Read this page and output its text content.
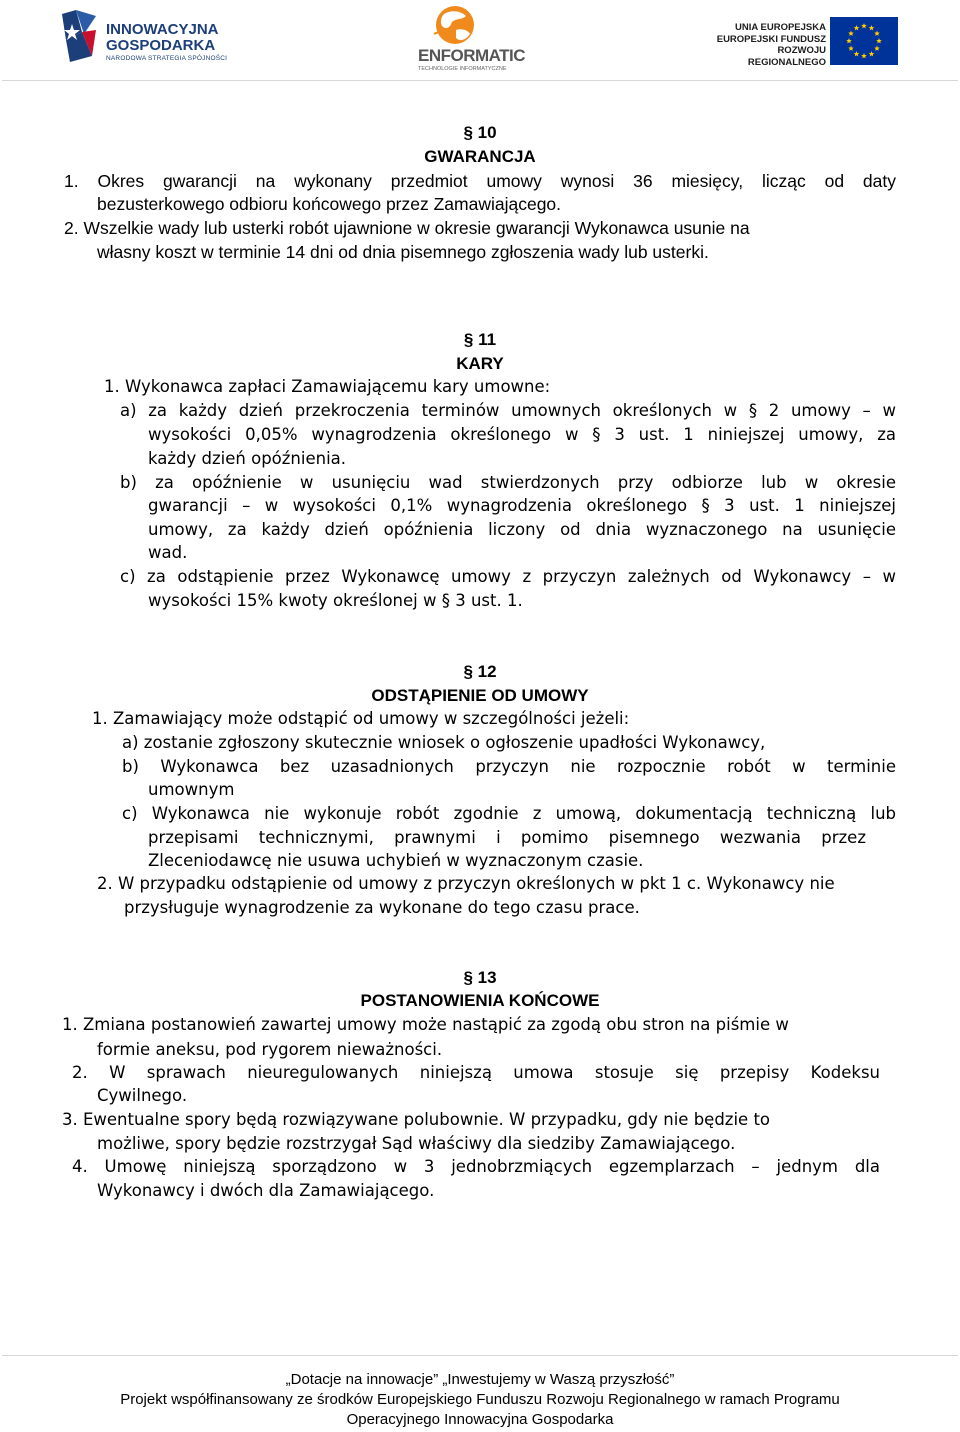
INNOWACYJNA
GOSPODARKA
NARODOWA STRATEGIA SPÓJNOŚCI	ENFORMATIC
TECHNOLOGIE INFORMATYCZNE
UNIA EUROPEJSKA
EUROPEJSKI FUNDUSZ
ROZWOJU REGIONALNEGO
§ 10
GWARANCJA
1. Okres gwarancji na wykonany przedmiot umowy wynosi 36 miesięcy, licząc od daty
bezusterkowego odbioru końcowego przez Zamawiającego.
2. Wszelkie wady lub usterki robót ujawnione w okresie gwarancji Wykonawca usunie na
własny koszt w terminie 14 dni od dnia pisemnego zgłoszenia wady lub usterki.
§ 11
KARY
1. Wykonawca zapłaci Zamawiającemu kary umowne:
a) za każdy dzień przekroczenia terminów umownych określonych w § 2 umowy – w
wysokości 0,05% wynagrodzenia określonego w § 3 ust. 1 niniejszej umowy, za
każdy dzień opóźnienia.
b) za opóźnienie w usunięciu wad stwierdzonych przy odbiorze lub w okresie
gwarancji – w wysokości 0,1% wynagrodzenia określonego § 3 ust. 1 niniejszej
umowy, za każdy dzień opóźnienia liczony od dnia wyznaczonego na usunięcie
wad.
c) za odstąpienie przez Wykonawcę umowy z przyczyn zależnych od Wykonawcy – w
wysokości 15% kwoty określonej w § 3 ust. 1.
§ 12
ODSTĄPIENIE OD UMOWY
1. Zamawiający może odstąpić od umowy w szczególności jeżeli:
a) zostanie zgłoszony skutecznie wniosek o ogłoszenie upadłości Wykonawcy,
b) Wykonawca bez uzasadnionych przyczyn nie rozpocznie robót w terminie
umownym
c) Wykonawca nie wykonuje robót zgodnie z umową, dokumentacją techniczną lub
przepisami technicznymi, prawnymi i pomimo pisemnego wezwania przez
Zleceniodawcę nie usuwa uchybień w wyznaczonym czasie.
2. W przypadku odstąpienie od umowy z przyczyn określonych w pkt 1 c. Wykonawcy nie
przysługuje wynagrodzenie za wykonane do tego czasu prace.
§ 13
POSTANOWIENIA KOŃCOWE
1. Zmiana postanowień zawartej umowy może nastąpić za zgodą obu stron na piśmie w
formie aneksu, pod rygorem nieważności.
2. W sprawach nieuregulowanych niniejszą umowa stosuje się przepisy Kodeksu
Cywilnego.
3. Ewentualne spory będą rozwiązywane polubownie. W przypadku, gdy nie będzie to
możliwe, spory będzie rozstrzygał Sąd właściwy dla siedziby Zamawiającego.
4. Umowę niniejszą sporządzono w 3 jednobrzmiących egzemplarzach – jednym dla
Wykonawcy i dwóch dla Zamawiającego.
„Dotacje na innowacje” „Inwestujemy w Waszą przyszłość”
Projekt współfinansowany ze środków Europejskiego Funduszu Rozwoju Regionalnego w ramach Programu
Operacyjnego Innowacyjna Gospodarka
